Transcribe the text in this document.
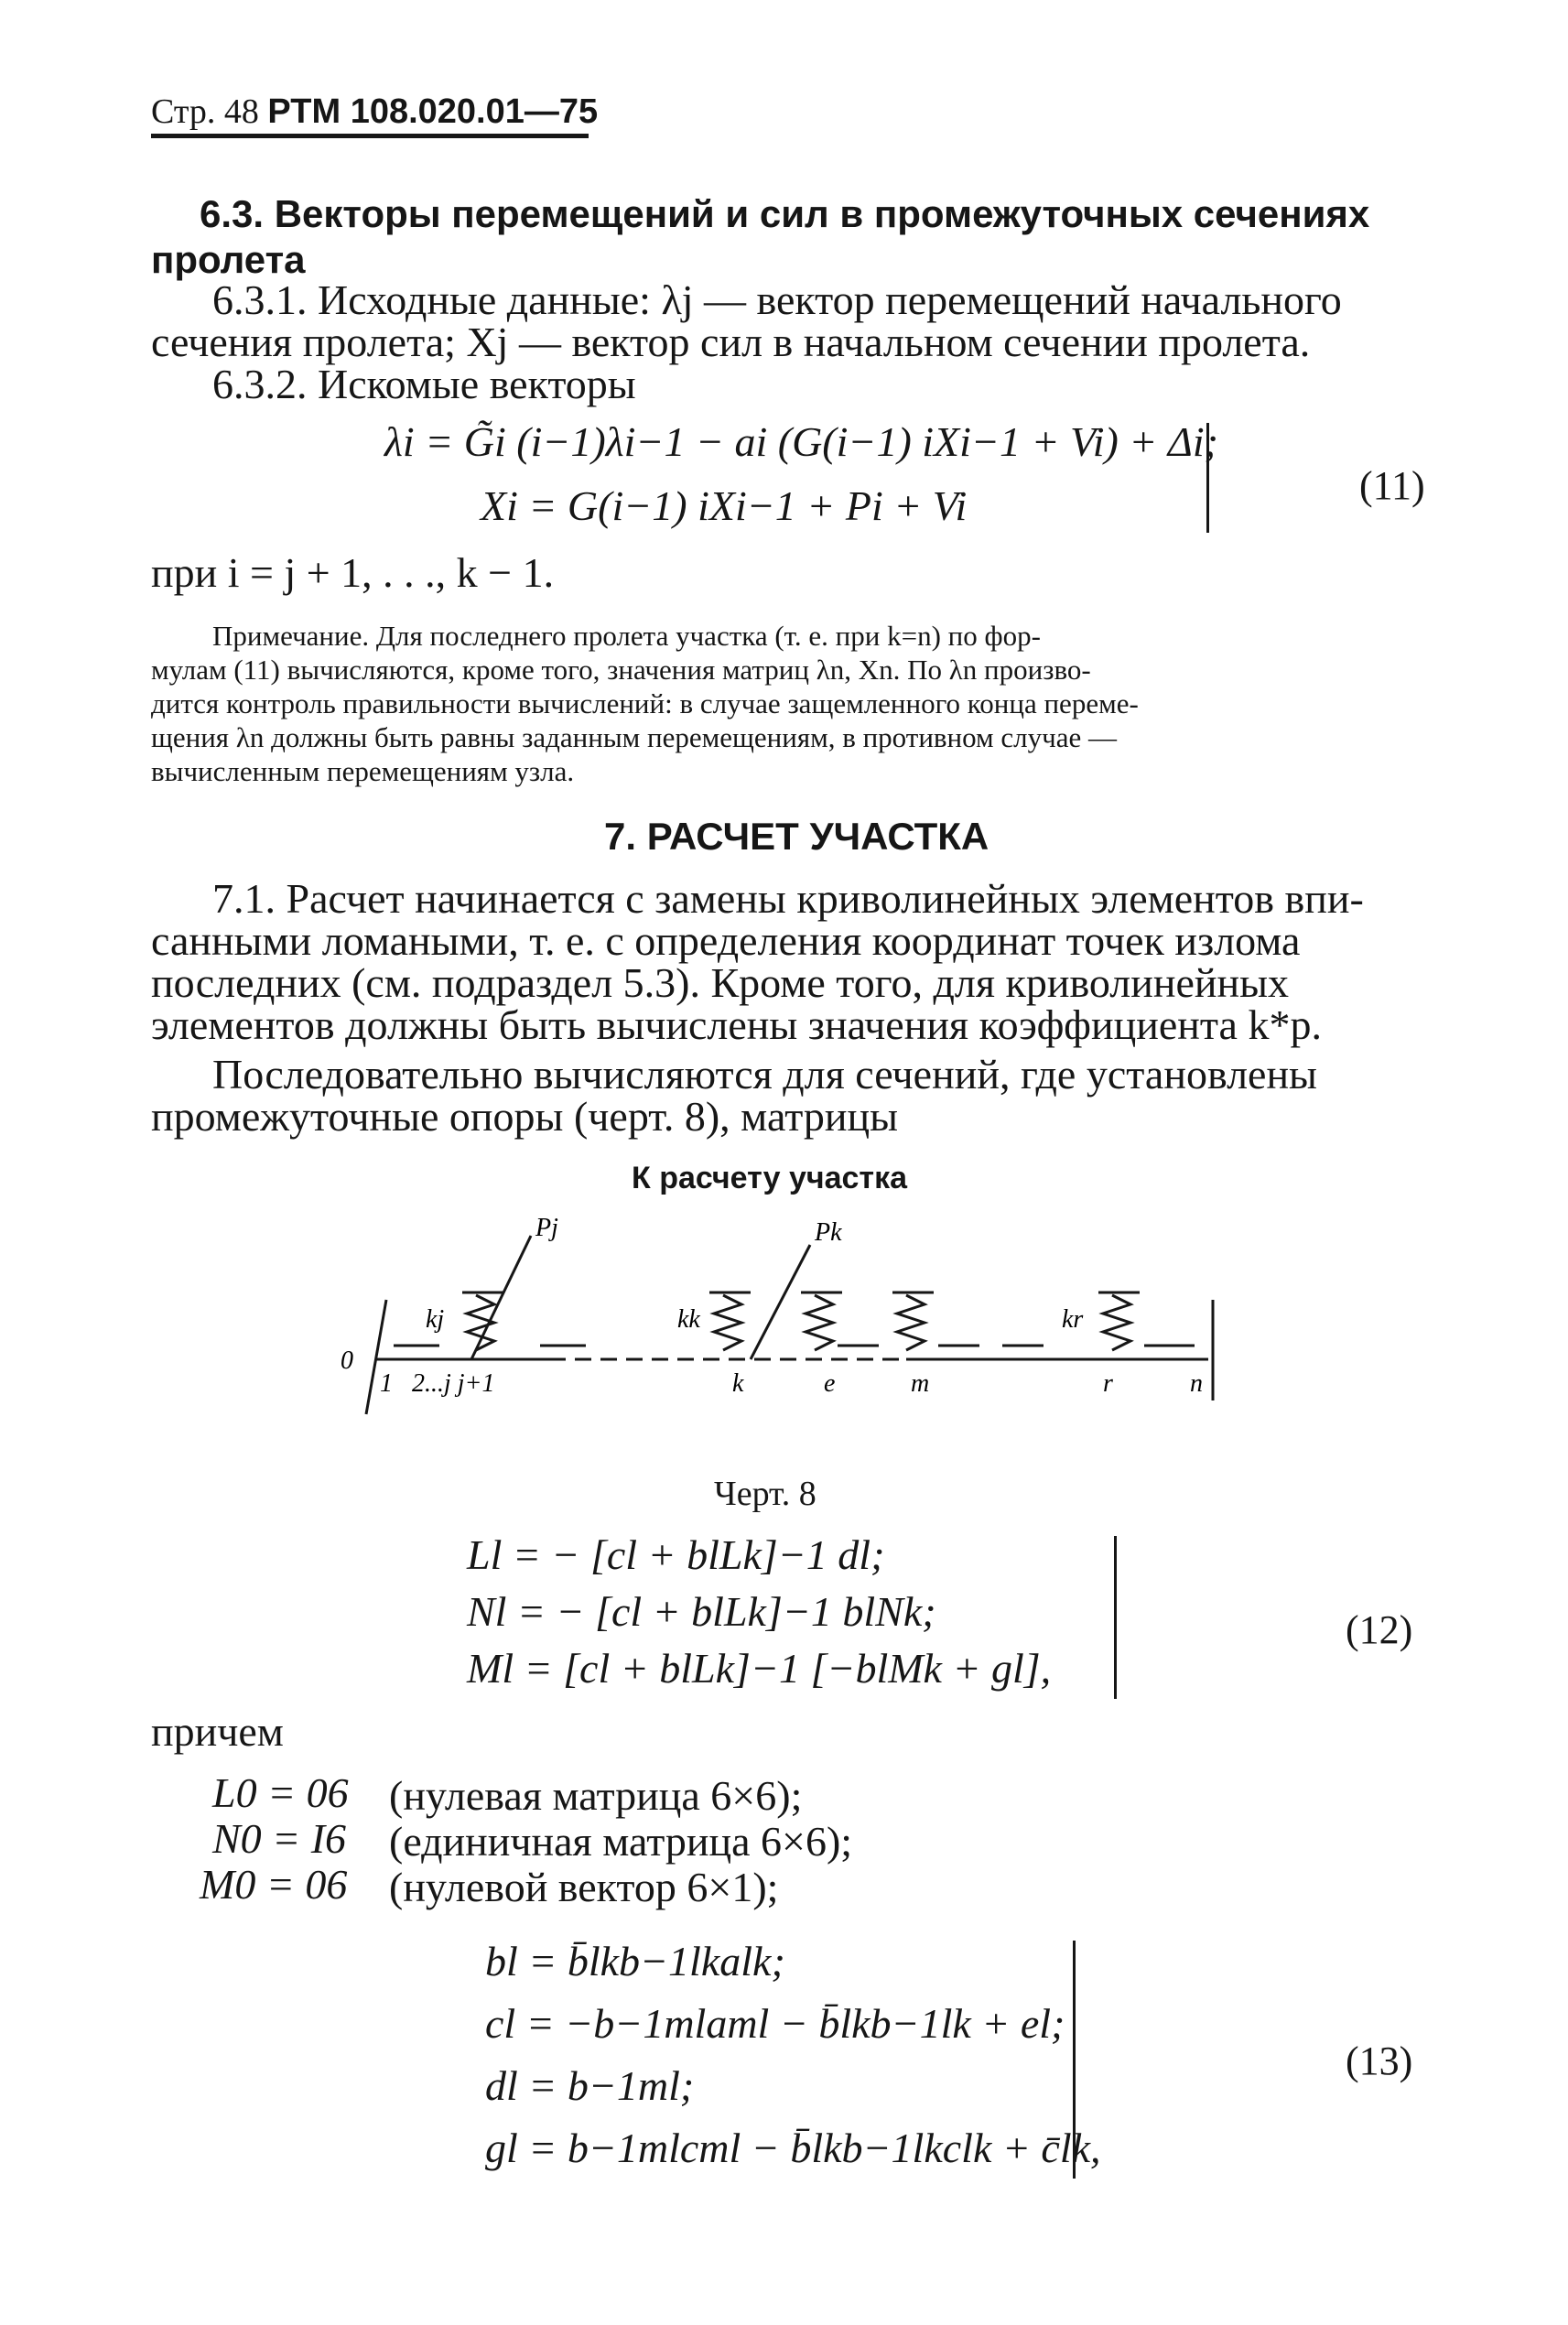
Стр. 48 РТМ 108.020.01—75
6.3. Векторы перемещений и сил в промежуточных сечениях
пролета
6.3.1. Исходные данные: λj — вектор перемещений начального
сечения пролета; Xj — вектор сил в начальном сечении пролета.
6.3.2. Искомые векторы
λi = G̃i (i−1)λi−1 − ai (G(i−1) iXi−1 + Vi) + Δi;
Xi = G(i−1) iXi−1 + Pi + Vi	(11)
при i = j + 1, . . ., k − 1.
Примечание. Для последнего пролета участка (т. е. при k=n) по фор-
мулам (11) вычисляются, кроме того, значения матриц λn, Xn. По λn произво-
дится контроль правильности вычислений: в случае защемленного конца переме-
щения λn должны быть равны заданным перемещениям, в противном случае —
вычисленным перемещениям узла.
7. РАСЧЕТ УЧАСТКА
7.1. Расчет начинается с замены криволинейных элементов впи-
санными ломаными, т. е. с определения координат точек излома
последних (см. подраздел 5.3). Кроме того, для криволинейных
элементов должны быть вычислены значения коэффициента k*p.
Последовательно вычисляются для сечений, где установлены
промежуточные опоры (черт. 8), матрицы
К расчету участка
Pj	Pk
kj	kk	kr
0
1 2...j j+1	k	e	m	r	n
Черт. 8
Ll = − [cl + blLk]−1 dl;
Nl = − [cl + blLk]−1 blNk;
Ml = [cl + blLk]−1 [−blMk + gl],
(12)
причем
L0 = 06 (нулевая матрица 6×6);
N0 = I6 (единичная матрица 6×6);
M0 = 06 (нулевой вектор 6×1);
bl = b̄lkb−1lkalk;
cl = −b−1mlaml − b̄lkb−1lk + el;
dl = b−1ml;
gl = b−1mlcml − b̄lkb−1lkclk + c̄lk,
(13)
